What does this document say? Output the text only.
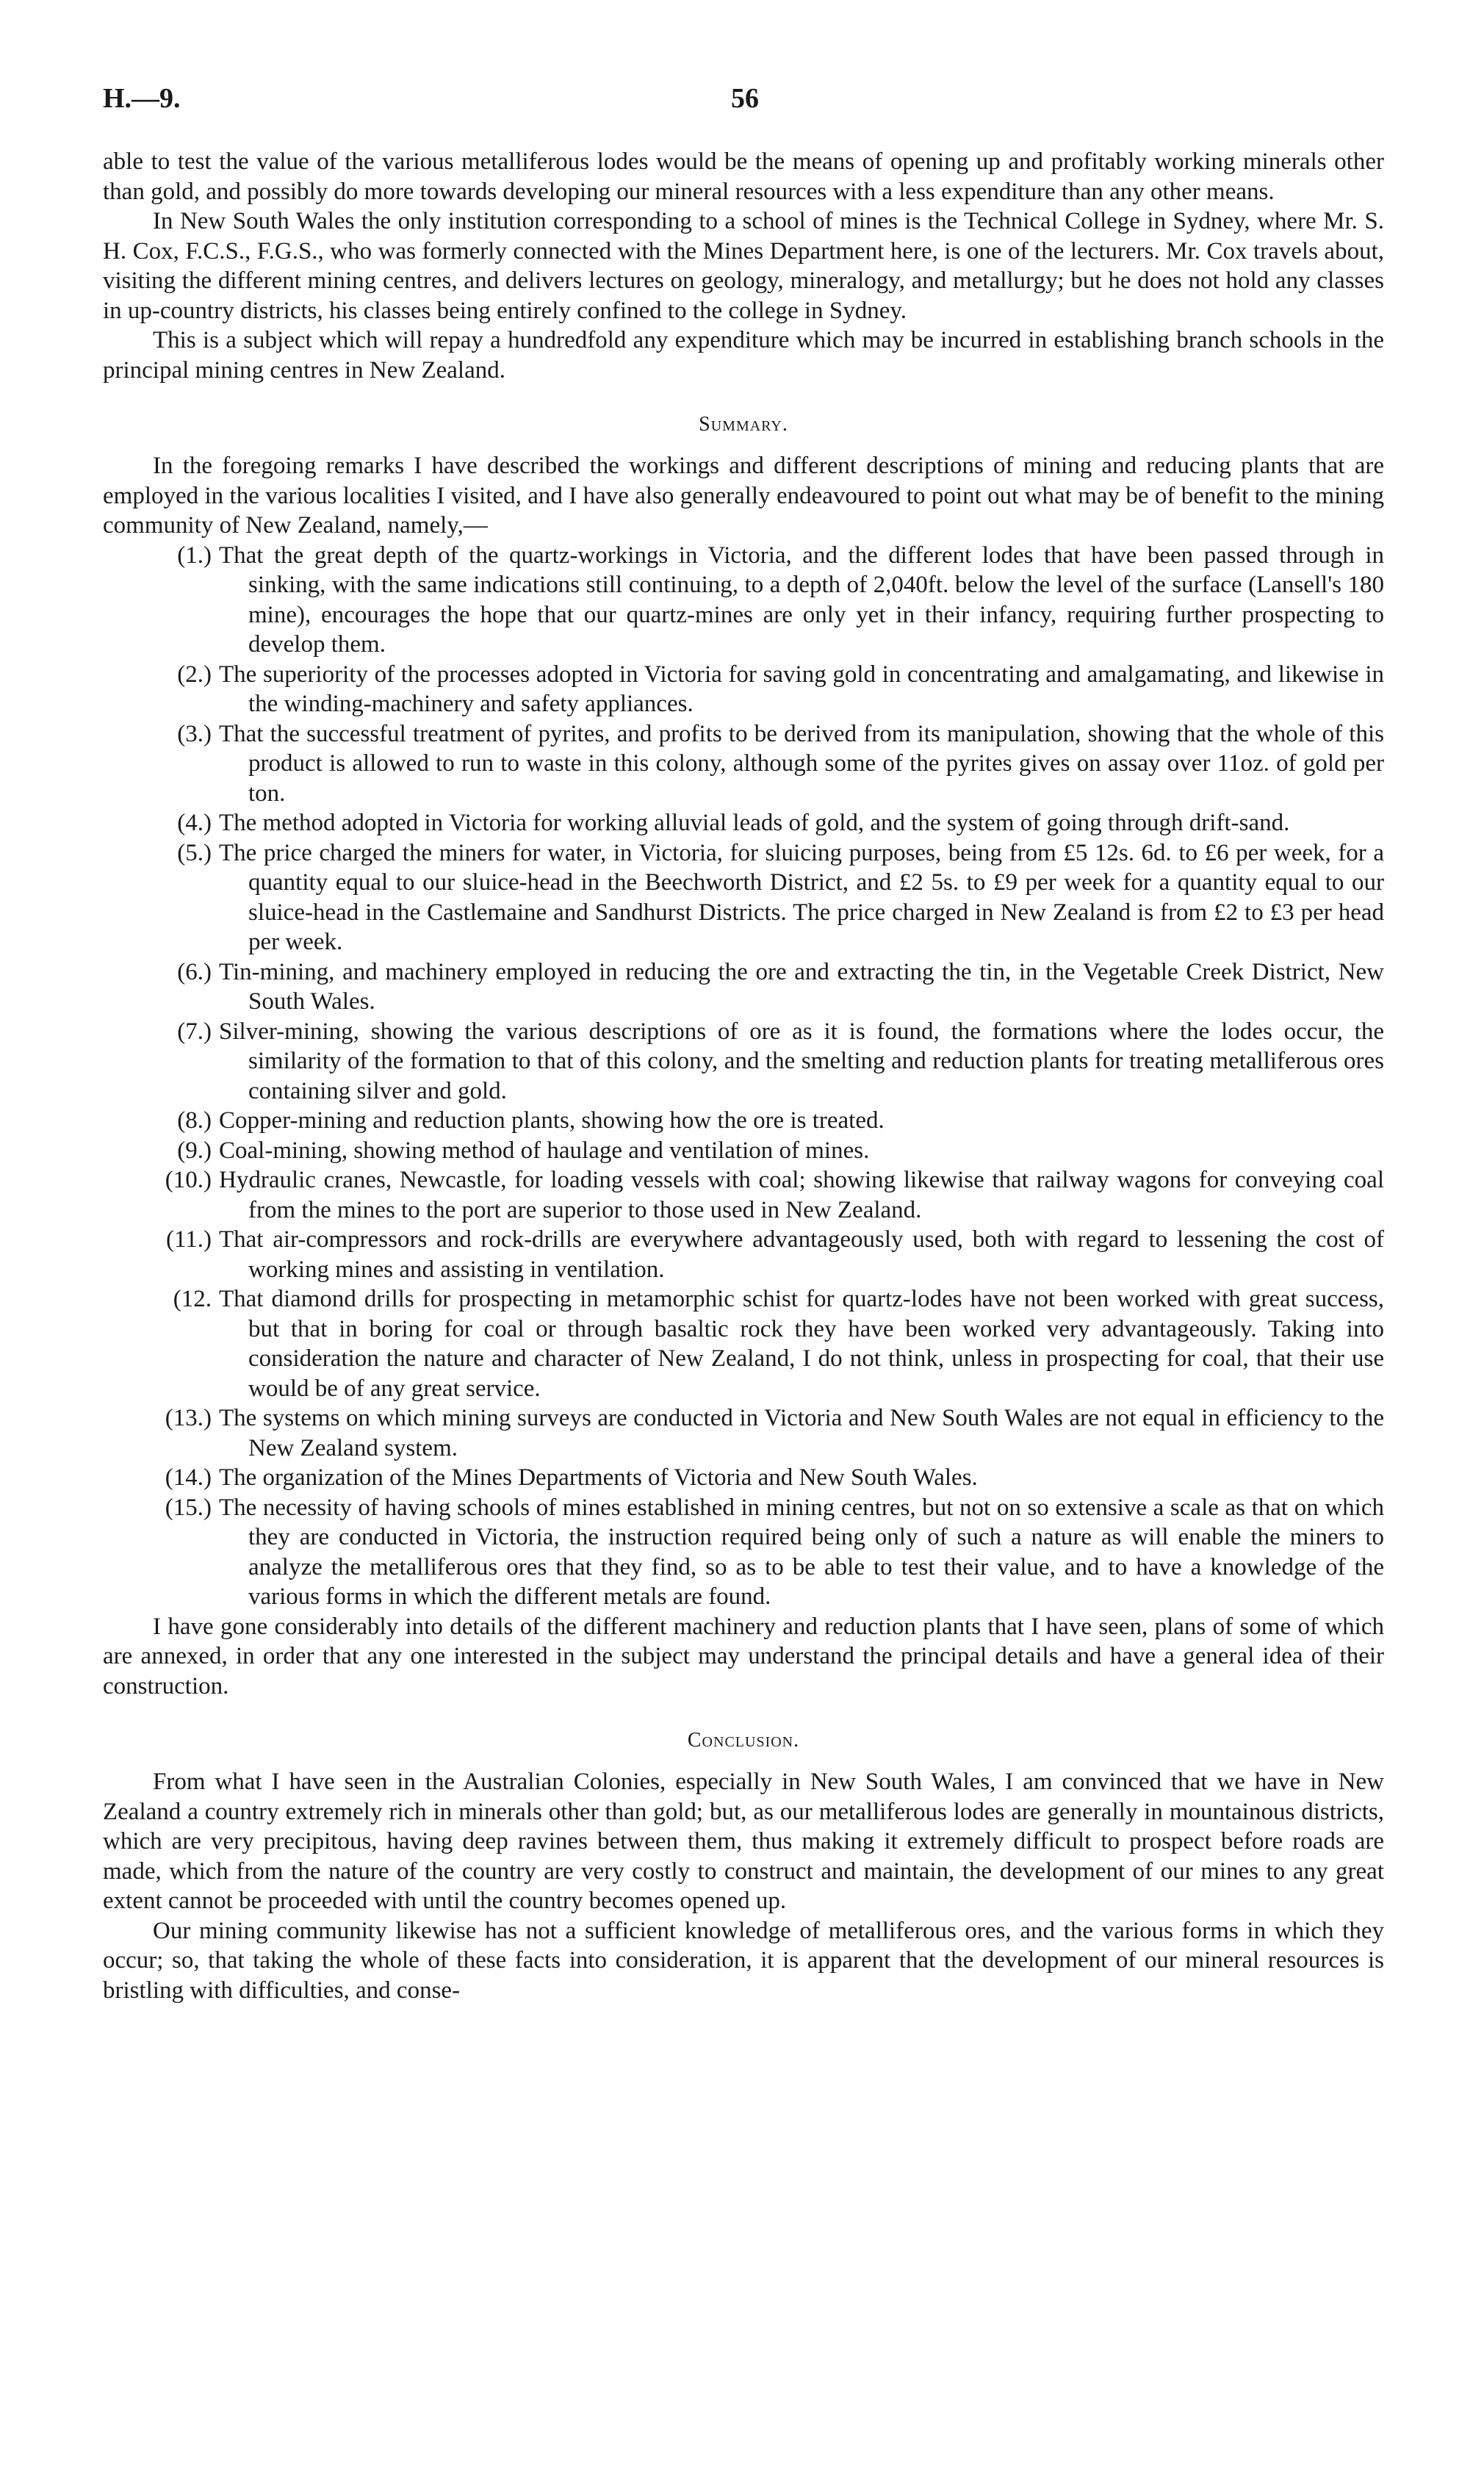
H.—9.	56

able to test the value of the various metalliferous lodes would be the means of opening up and profitably working minerals other than gold, and possibly do more towards developing our mineral resources with a less expenditure than any other means.

In New South Wales the only institution corresponding to a school of mines is the Technical College in Sydney, where Mr. S. H. Cox, F.C.S., F.G.S., who was formerly connected with the Mines Department here, is one of the lecturers. Mr. Cox travels about, visiting the different mining centres, and delivers lectures on geology, mineralogy, and metallurgy; but he does not hold any classes in up-country districts, his classes being entirely confined to the college in Sydney.

This is a subject which will repay a hundredfold any expenditure which may be incurred in establishing branch schools in the principal mining centres in New Zealand.

Summary.

In the foregoing remarks I have described the workings and different descriptions of mining and reducing plants that are employed in the various localities I visited, and I have also generally endeavoured to point out what may be of benefit to the mining community of New Zealand, namely,—

(1.) That the great depth of the quartz-workings in Victoria, and the different lodes that have been passed through in sinking, with the same indications still continuing, to a depth of 2,040ft. below the level of the surface (Lansell's 180 mine), encourages the hope that our quartz-mines are only yet in their infancy, requiring further prospecting to develop them.
(2.) The superiority of the processes adopted in Victoria for saving gold in concentrating and amalgamating, and likewise in the winding-machinery and safety appliances.
(3.) That the successful treatment of pyrites, and profits to be derived from its manipulation, showing that the whole of this product is allowed to run to waste in this colony, although some of the pyrites gives on assay over 11oz. of gold per ton.
(4.) The method adopted in Victoria for working alluvial leads of gold, and the system of going through drift-sand.
(5.) The price charged the miners for water, in Victoria, for sluicing purposes, being from £5 12s. 6d. to £6 per week, for a quantity equal to our sluice-head in the Beechworth District, and £2 5s. to £9 per week for a quantity equal to our sluice-head in the Castlemaine and Sandhurst Districts. The price charged in New Zealand is from £2 to £3 per head per week.
(6.) Tin-mining, and machinery employed in reducing the ore and extracting the tin, in the Vegetable Creek District, New South Wales.
(7.) Silver-mining, showing the various descriptions of ore as it is found, the formations where the lodes occur, the similarity of the formation to that of this colony, and the smelting and reduction plants for treating metalliferous ores containing silver and gold.
(8.) Copper-mining and reduction plants, showing how the ore is treated.
(9.) Coal-mining, showing method of haulage and ventilation of mines.
(10.) Hydraulic cranes, Newcastle, for loading vessels with coal; showing likewise that railway wagons for conveying coal from the mines to the port are superior to those used in New Zealand.
(11.) That air-compressors and rock-drills are everywhere advantageously used, both with regard to lessening the cost of working mines and assisting in ventilation.
(12. That diamond drills for prospecting in metamorphic schist for quartz-lodes have not been worked with great success, but that in boring for coal or through basaltic rock they have been worked very advantageously. Taking into consideration the nature and character of New Zealand, I do not think, unless in prospecting for coal, that their use would be of any great service.
(13.) The systems on which mining surveys are conducted in Victoria and New South Wales are not equal in efficiency to the New Zealand system.
(14.) The organization of the Mines Departments of Victoria and New South Wales.
(15.) The necessity of having schools of mines established in mining centres, but not on so extensive a scale as that on which they are conducted in Victoria, the instruction required being only of such a nature as will enable the miners to analyze the metalliferous ores that they find, so as to be able to test their value, and to have a knowledge of the various forms in which the different metals are found.

I have gone considerably into details of the different machinery and reduction plants that I have seen, plans of some of which are annexed, in order that any one interested in the subject may understand the principal details and have a general idea of their construction.

Conclusion.

From what I have seen in the Australian Colonies, especially in New South Wales, I am convinced that we have in New Zealand a country extremely rich in minerals other than gold; but, as our metalliferous lodes are generally in mountainous districts, which are very precipitous, having deep ravines between them, thus making it extremely difficult to prospect before roads are made, which from the nature of the country are very costly to construct and maintain, the development of our mines to any great extent cannot be proceeded with until the country becomes opened up.

Our mining community likewise has not a sufficient knowledge of metalliferous ores, and the various forms in which they occur; so, that taking the whole of these facts into consideration, it is apparent that the development of our mineral resources is bristling with difficulties, and conse-
